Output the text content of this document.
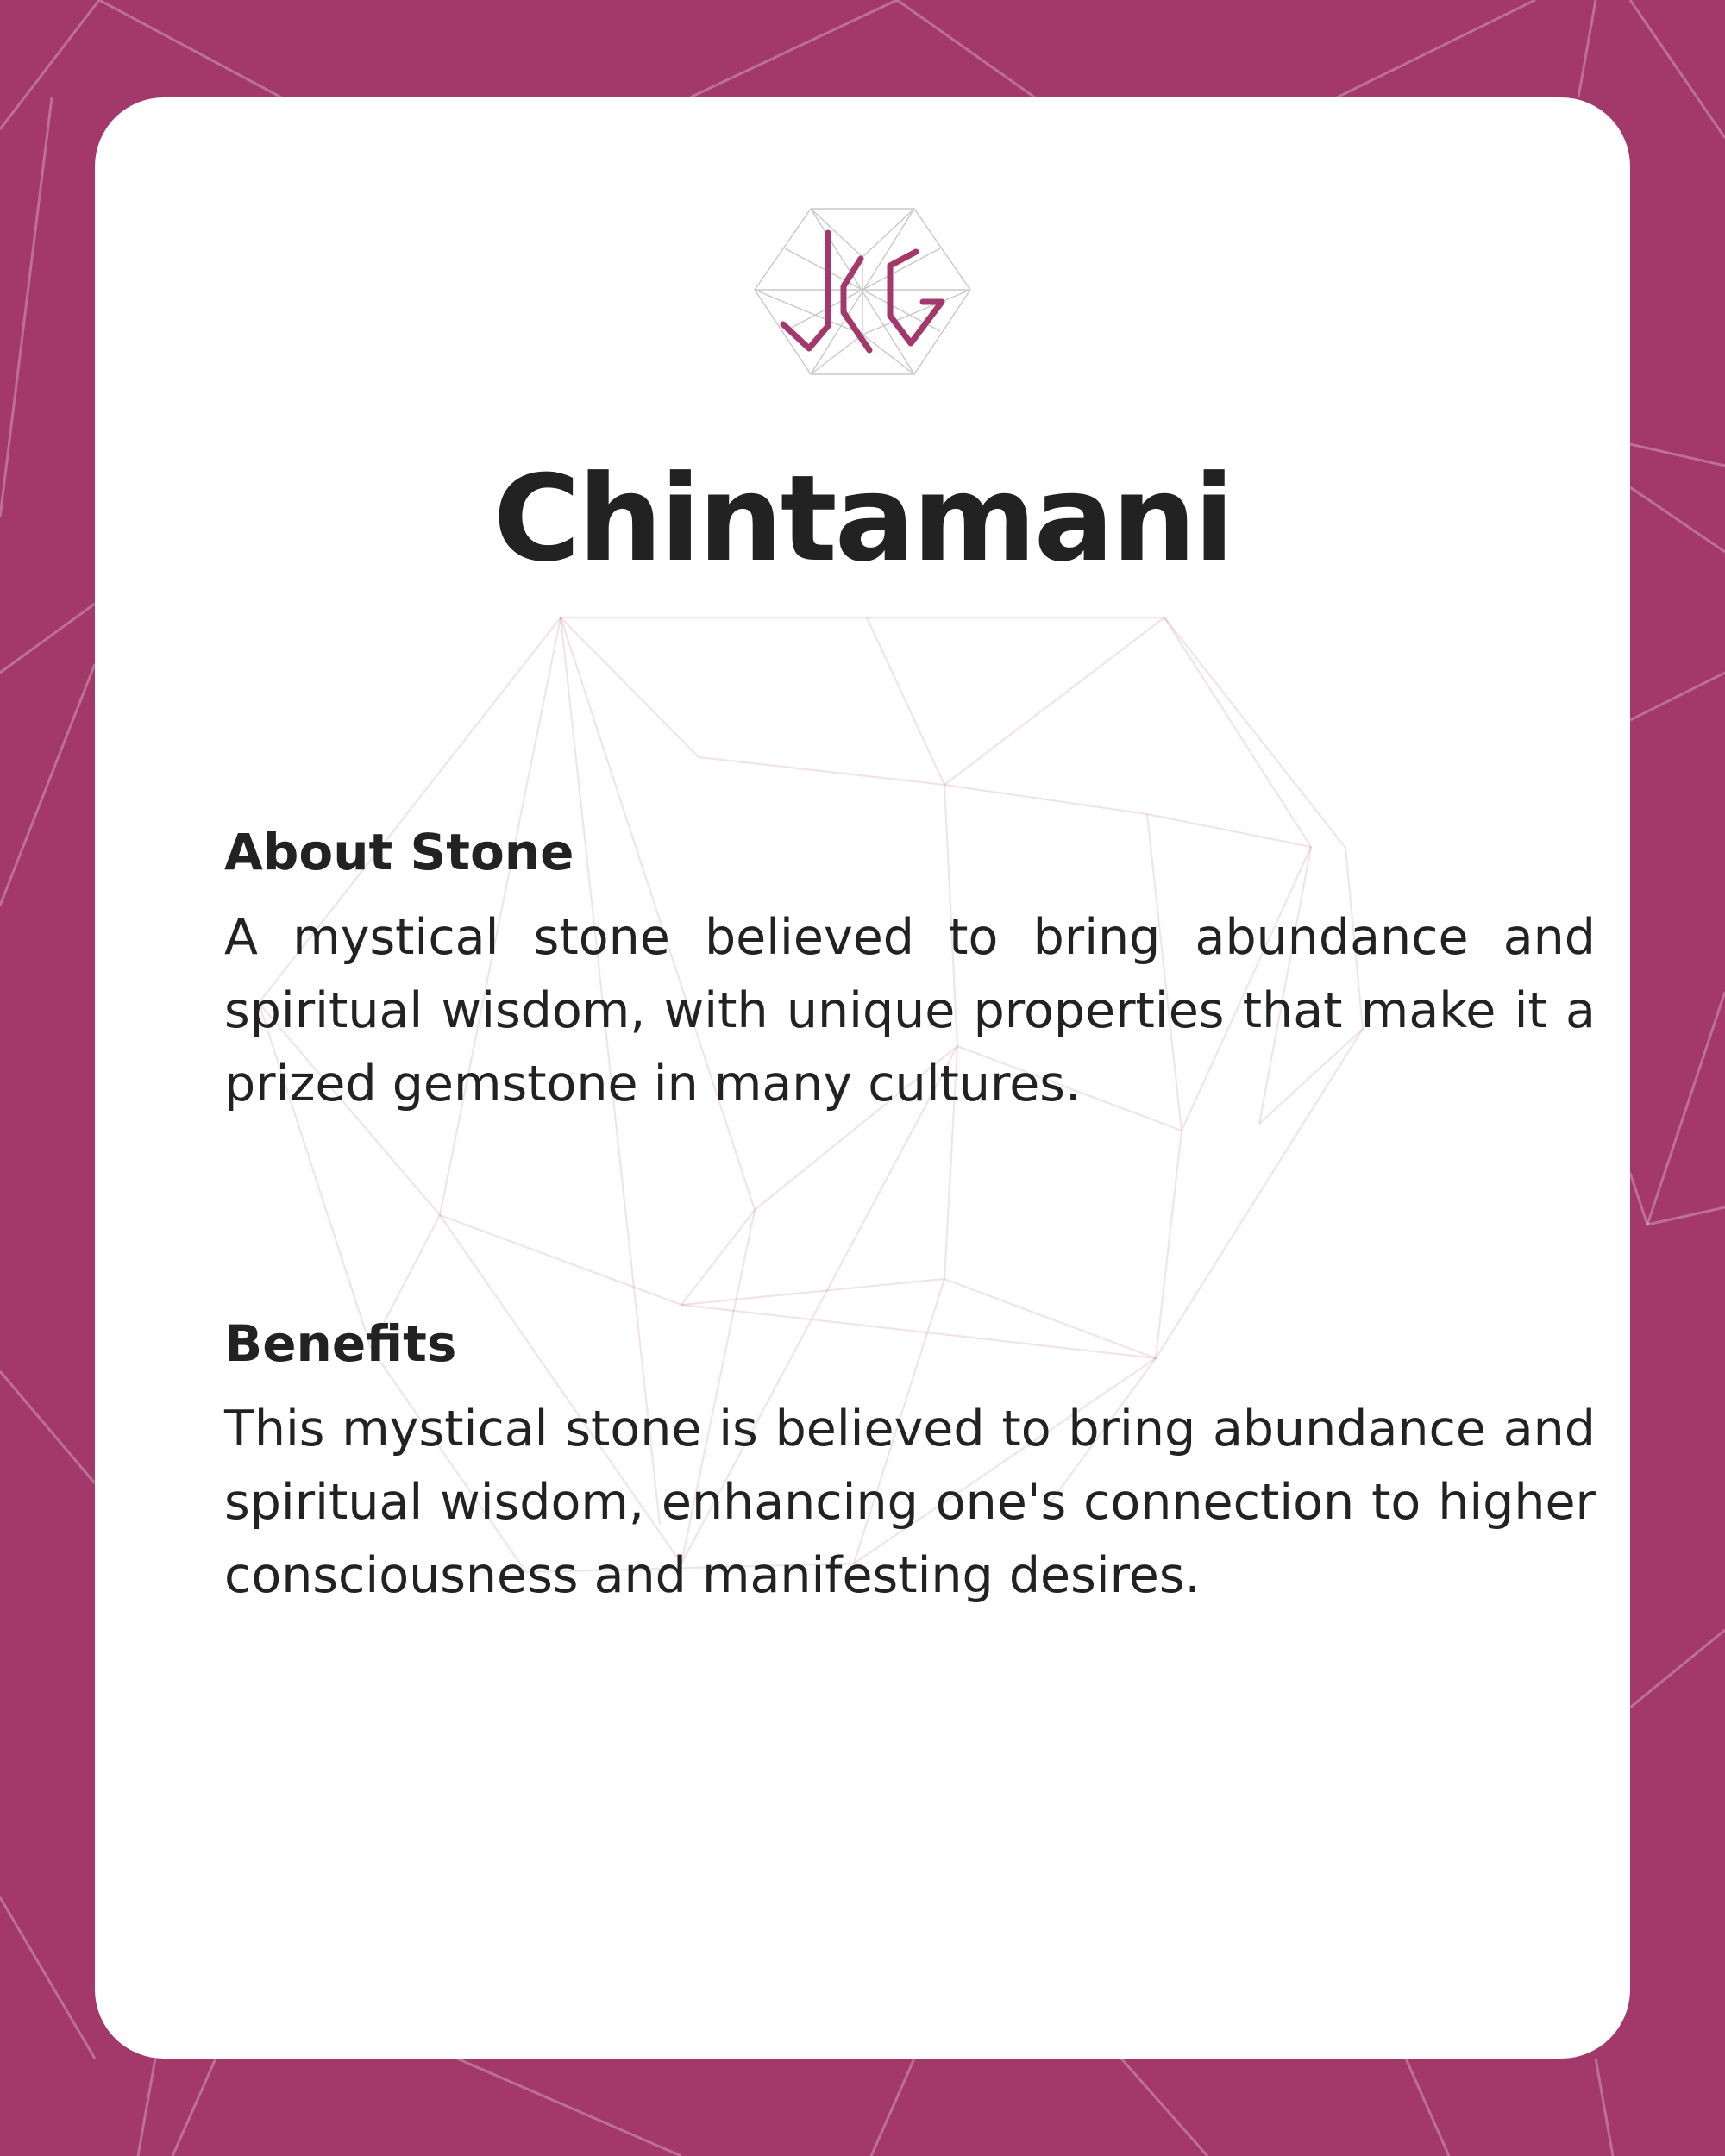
Chintamani
About Stone

A mystical stone believed to bring abundance and spiritual wisdom, with unique properties that make it a prized gemstone in many cultures.

Benefits

This mystical stone is believed to bring abundance and spiritual wisdom, enhancing one's connection to higher consciousness and manifesting desires.
